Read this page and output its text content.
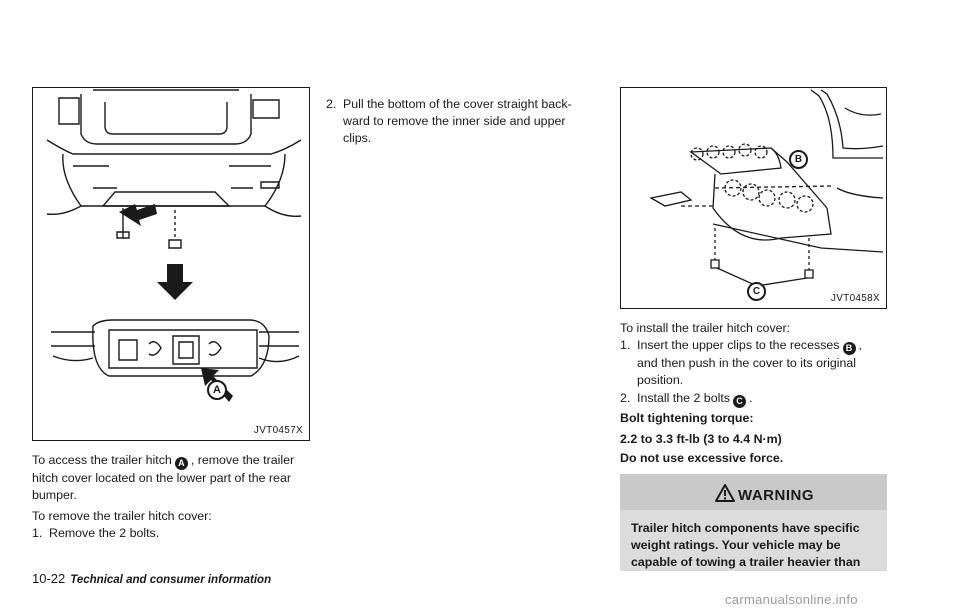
A
JVT0457X
To access the trailer hitch A , remove the trailer
hitch cover located on the lower part of the rear
bumper.
To remove the trailer hitch cover:
1. Remove the 2 bolts.
2. Pull the bottom of the cover straight back-
ward to remove the inner side and upper
clips.
B
C
JVT0458X
To install the trailer hitch cover:
1. Insert the upper clips to the recesses B ,
and then push in the cover to its original
position.
2. Install the 2 bolts C .
Bolt tightening torque:
2.2 to 3.3 ft-lb (3 to 4.4 N·m)
Do not use excessive force.
WARNING
Trailer hitch components have specific
weight ratings. Your vehicle may be
capable of towing a trailer heavier than
10-22 Technical and consumer information
carmanualsonline.info
